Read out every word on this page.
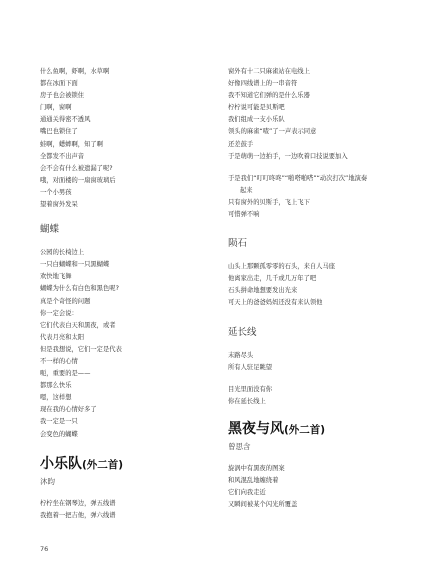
什么鱼啊，虾啊，水草啊
都在冰面下面
房子也会被锁住
门啊，窗啊
通通关得密不透风
嘴巴也锁住了
蛙啊，蟋蟀啊，知了啊
全都发不出声音
会不会有什么被遗漏了呢?
哦，对面楼的一扇窗玻璃后
一个小男孩
望着窗外发呆
蝴蝶
公园的长椅边上
一只白蝴蝶和一只黑蝴蝶
欢快地飞舞
蝴蝶为什么有白色和黑色呢?
真是个奇怪的问题
你一定会说：
它们代表白天和黑夜，或者
代表月亮和太阳
但是我想说，它们一定是代表
不一样的心情
呃，重要的是——
都那么快乐
嗯，这样想
现在我的心情好多了
我一定是一只
会变色的蝴蝶
小乐队(外二首)
沐昀
柠柠坐在钢琴边，弹五线谱
我抱着一把吉他，弹六线谱
窗外有十二只麻雀站在电线上
好像四线谱上的一串音符
我不知道它们弹的是什么乐器
柠柠说可能是贝斯吧
我们组成一支小乐队
领头的麻雀“喳”了一声表示同意
还差鼓手
于是萌萌一边拍手，一边吹着口技说要加入
于是我们“叮叮咚咚”“啪嗒啪嗒”“动次打次”地演奏
起来
只有窗外的贝斯手，飞上飞下
可惜弹不响
陨石
山头上那颗孤零零的石头，来自人马座
他离家出走，几千或几万年了吧
石头拼命地想要发出光来
可天上的爸爸妈妈还没有来认领他
延长线
末路尽头
所有人驻足眺望
目光里面没有你
你在延长线上
黑夜与风(外二首)
曾思含
旋涡中有黑夜的图案
和风混乱地缠绕着
它们向我走近
又瞬间被某个闪光所覆盖
76
